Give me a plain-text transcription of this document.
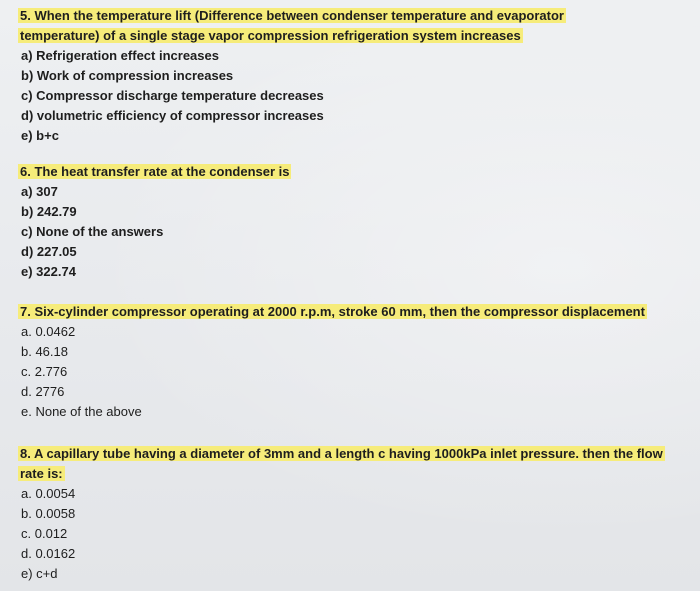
5. When the temperature lift (Difference between condenser temperature and evaporator
temperature) of a single stage vapor compression refrigeration system increases
a) Refrigeration effect increases
b) Work of compression increases
c) Compressor discharge temperature decreases
d) volumetric efficiency of compressor increases
e) b+c
6. The heat transfer rate at the condenser is
a) 307
b) 242.79
c) None of the answers
d) 227.05
e) 322.74
7. Six-cylinder compressor operating at 2000 r.p.m, stroke 60 mm, then the compressor displacement
a. 0.0462
b. 46.18
c. 2.776
d. 2776
e. None of the above
8. A capillary tube having a diameter of 3mm and a length c having 1000kPa inlet pressure. then the flow
rate is:
a. 0.0054
b. 0.0058
c. 0.012
d. 0.0162
e) c+d
